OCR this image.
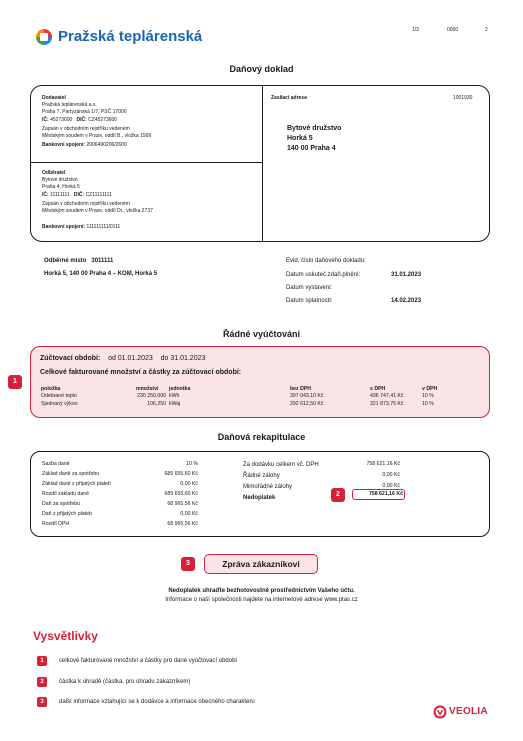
Pražská teplárenská	1/3	0000	2
Daňový doklad
Dodavatel
Pražská teplárenská a.s.
Praha 7, Partyzánská 1/7, PSČ 17000
IČ: 45273600 DIČ: CZ45273600
Zapsán v obchodním rejstříku vedeném
Městským soudem v Praze, oddíl B., vložka 1509
Bankovní spojení: 2006490206/2600
Odběratel
Bytové družstvo
Praha 4, Horká 5
IČ: 11111111 DIČ: CZ11111111
Zapsán v obchodním rejstříku vedeném
Městským soudem v Praze, oddíl Dr., vložka 2737
Bankovní spojení: 111111111/0111
Zasílací adresa	1001930
Bytové družstvo
Horká 5
140 00 Praha 4
Odběrné místo 3011111
Horká 5, 140 00 Praha 4 – KOM, Horká 5
Evid. číslo daňového dokladu:
Datum uskuteč.zdaň.plnění:	31.01.2023
Datum vystavení:
Datum splatnosti:	14.02.2023
Řádné vyúčtování
1
Zúčtovací období: od 01.01.2023 do 31.01.2023
Celkové fakturované množství a částky za zúčtovací období:
položka	množství jednotka	bez DPH	s DPH	v DPH
Odebrané teplo	230 250,000 kWh	397 043,10 Kč	436 747,41 Kč	10 %
Sjednaný výkon	106,250 kWaj	292 612,50 Kč	321 873,75 Kč	10 %
Daňová rekapitulace
Sazba daně	10 %
Základ daně za spotřebu	689 655,60 Kč
Základ daně z přijatých plateb	0,00 Kč
Rozdíl základu daně	689 655,60 Kč
Daň za spotřebu	68 965,56 Kč
Daň z přijatých plateb	0,00 Kč
Rozdíl DPH	68 965,56 Kč
Za dodávku celkem vč. DPH	758 621,16 Kč
Řádné zálohy	0,00 Kč
Mimořádné zálohy	0,00 Kč
Nedoplatek	2	758 621,16 Kč
3	Zpráva zákazníkovi
Nedoplatek uhraďte bezhotovostně prostřednictvím Vašeho účtu.
Informace o naší společnosti najdete na internetové adrese www.ptas.cz
Vysvětlivky
1	celkové fakturované množství a částky pro dané vyúčtovací období
2	částka k úhradě (částka, pro úhradu zákazníkem)
3	další informace vztahující se k dodávce a informace obecného charakteru
VEOLIA
